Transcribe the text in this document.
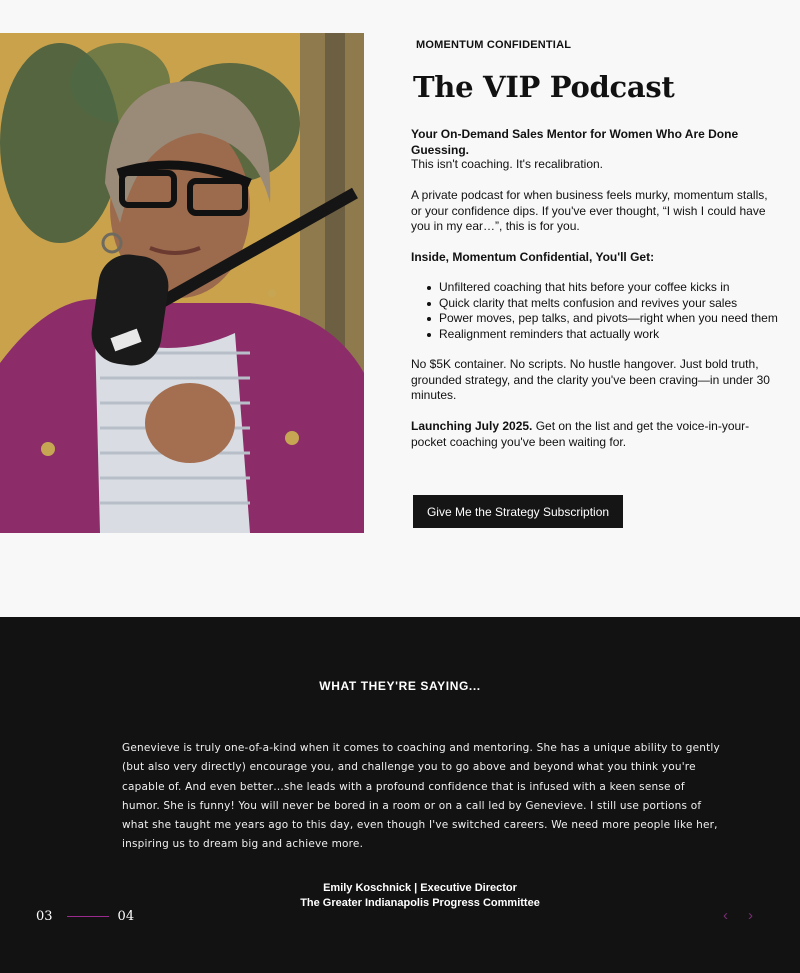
MOMENTUM CONFIDENTIAL
The VIP Podcast

Your On-Demand Sales Mentor for Women Who Are Done Guessing.

This isn't coaching. It's recalibration.

A private podcast for when business feels murky, momentum stalls, or your confidence dips. If you've ever thought, “I wish I could have you in my ear…”, this is for you.

Inside, Momentum Confidential, You'll Get:

Unfiltered coaching that hits before your coffee kicks in
Quick clarity that melts confusion and revives your sales
Power moves, pep talks, and pivots—right when you need them
Realignment reminders that actually work

No $5K container. No scripts. No hustle hangover. Just bold truth, grounded strategy, and the clarity you've been craving—in under 30 minutes.

Launching July 2025. Get on the list and get the voice-in-your-pocket coaching you've been waiting for.

Give Me the Strategy Subscription
WHAT THEY'RE SAYING...

Genevieve is truly one-of-a-kind when it comes to coaching and mentoring. She has a unique ability to gently (but also very directly) encourage you, and challenge you to go above and beyond what you think you're capable of. And even better…she leads with a profound confidence that is infused with a keen sense of humor. She is funny! You will never be bored in a room or on a call led by Genevieve. I still use portions of what she taught me years ago to this day, even though I've switched careers. We need more people like her, inspiring us to dream big and achieve more.

Emily Koschnick | Executive Director
The Greater Indianapolis Progress Committee
03	04	‹ ›
